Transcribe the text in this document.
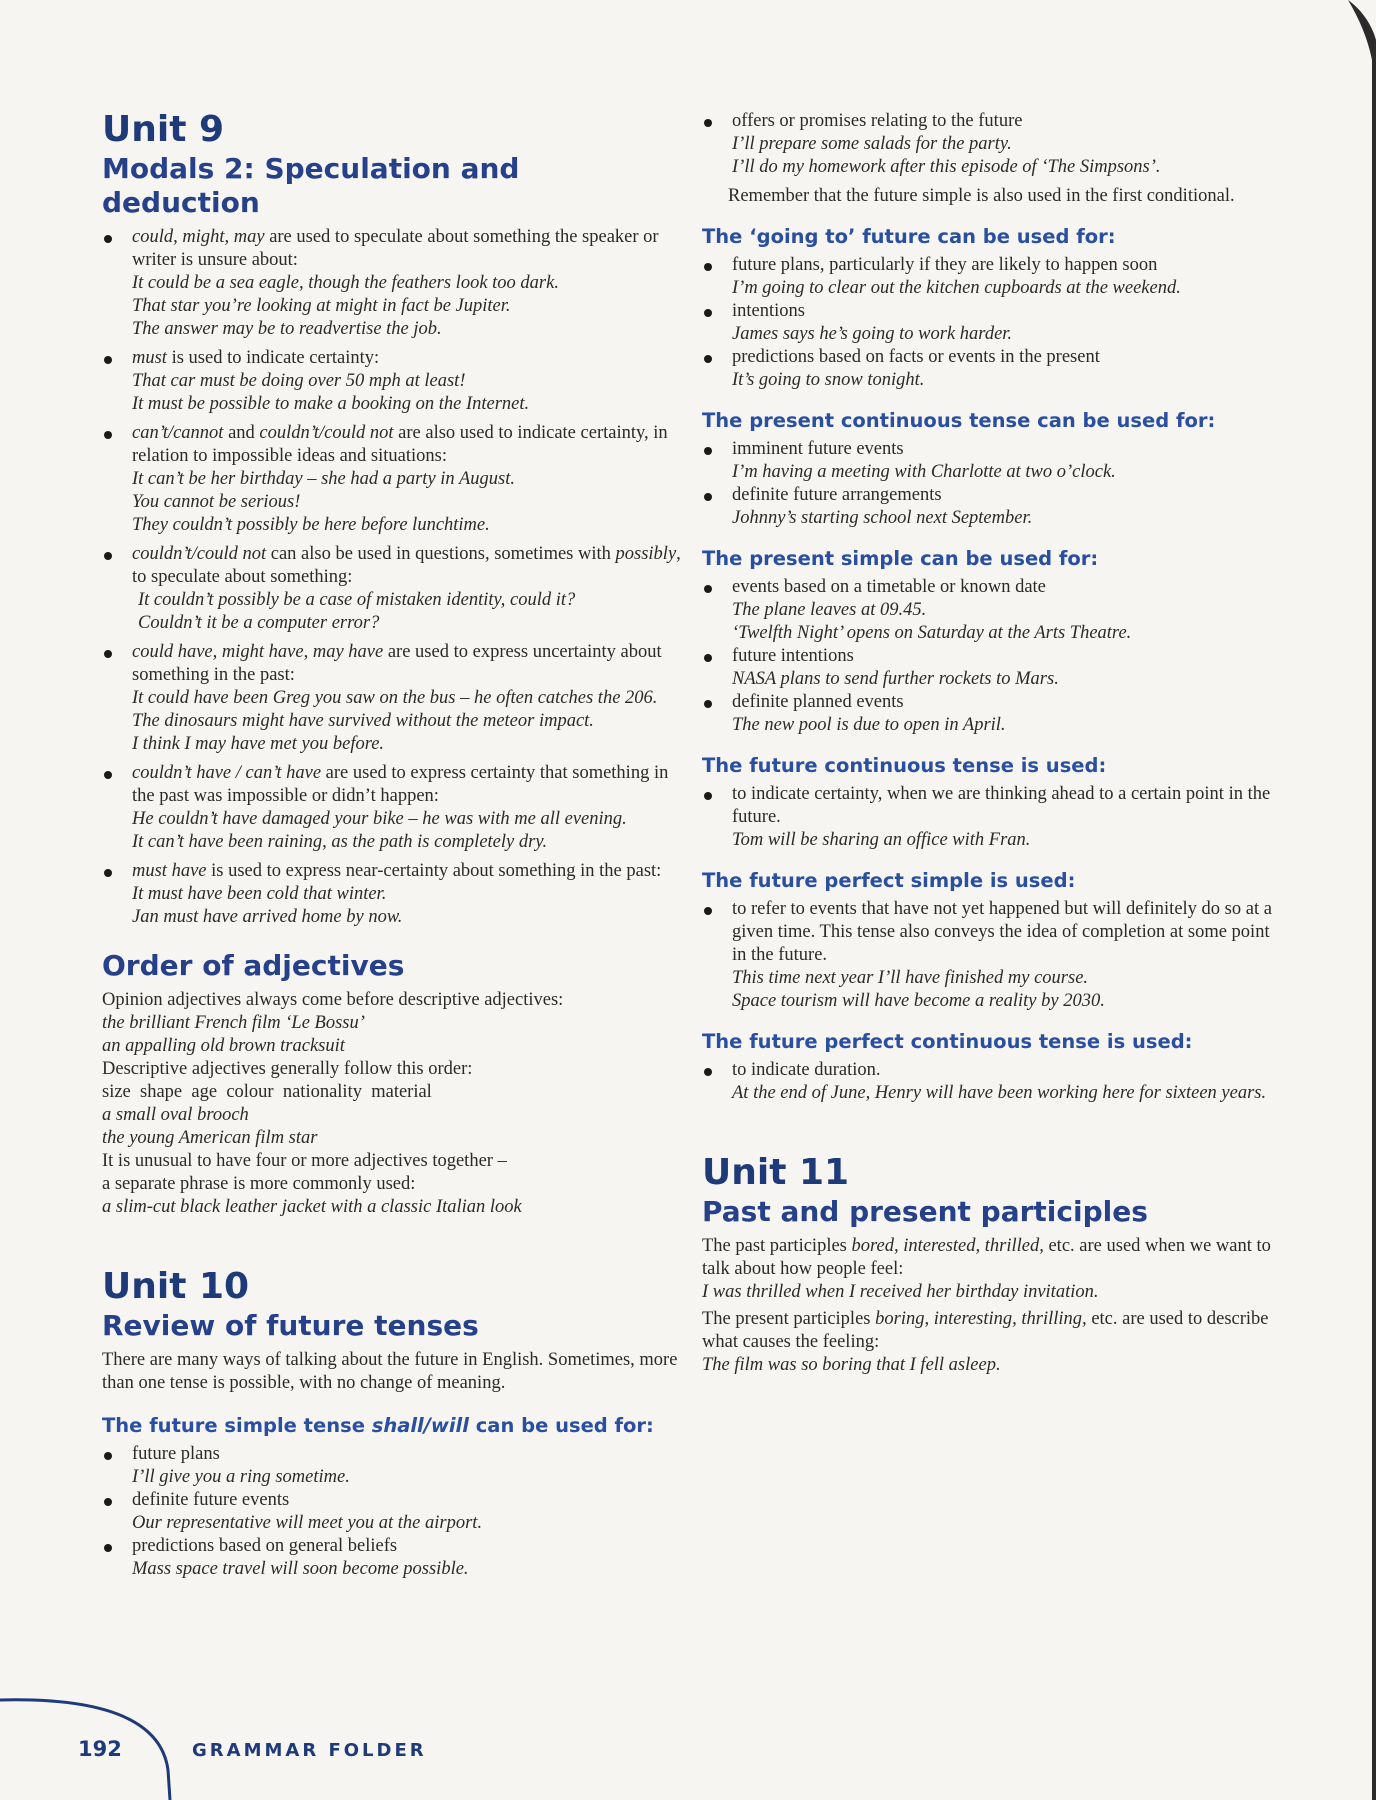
Unit 9
Modals 2: Speculation and deduction
could, might, may are used to speculate about something the speaker or writer is unsure about:
It could be a sea eagle, though the feathers look too dark.
That star you’re looking at might in fact be Jupiter.
The answer may be to readvertise the job.
must is used to indicate certainty:
That car must be doing over 50 mph at least!
It must be possible to make a booking on the Internet.
can’t/cannot and couldn’t/could not are also used to indicate certainty, in relation to impossible ideas and situations:
It can’t be her birthday – she had a party in August.
You cannot be serious!
They couldn’t possibly be here before lunchtime.
couldn’t/could not can also be used in questions, sometimes with possibly, to speculate about something:
It couldn’t possibly be a case of mistaken identity, could it?
Couldn’t it be a computer error?
could have, might have, may have are used to express uncertainty about something in the past:
It could have been Greg you saw on the bus – he often catches the 206.
The dinosaurs might have survived without the meteor impact.
I think I may have met you before.
couldn’t have / can’t have are used to express certainty that something in the past was impossible or didn’t happen:
He couldn’t have damaged your bike – he was with me all evening.
It can’t have been raining, as the path is completely dry.
must have is used to express near-certainty about something in the past:
It must have been cold that winter.
Jan must have arrived home by now.
Order of adjectives
Opinion adjectives always come before descriptive adjectives:
the brilliant French film ‘Le Bossu’
an appalling old brown tracksuit
Descriptive adjectives generally follow this order:
size shape age colour nationality material
a small oval brooch
the young American film star
It is unusual to have four or more adjectives together –
a separate phrase is more commonly used:
a slim-cut black leather jacket with a classic Italian look
Unit 10
Review of future tenses

There are many ways of talking about the future in English. Sometimes, more than one tense is possible, with no change of meaning.

The future simple tense shall/will can be used for:
future plans
I’ll give you a ring sometime.
definite future events
Our representative will meet you at the airport.
predictions based on general beliefs
Mass space travel will soon become possible.
offers or promises relating to the future
I’ll prepare some salads for the party.
I’ll do my homework after this episode of ‘The Simpsons’.

Remember that the future simple is also used in the first conditional.

The ‘going to’ future can be used for:
future plans, particularly if they are likely to happen soon
I’m going to clear out the kitchen cupboards at the weekend.
intentions
James says he’s going to work harder.
predictions based on facts or events in the present
It’s going to snow tonight.
The present continuous tense can be used for:
imminent future events
I’m having a meeting with Charlotte at two o’clock.
definite future arrangements
Johnny’s starting school next September.
The present simple can be used for:
events based on a timetable or known date
The plane leaves at 09.45.
‘Twelfth Night’ opens on Saturday at the Arts Theatre.
future intentions
NASA plans to send further rockets to Mars.
definite planned events
The new pool is due to open in April.
The future continuous tense is used:
to indicate certainty, when we are thinking ahead to a certain point in the future.
Tom will be sharing an office with Fran.
The future perfect simple is used:
to refer to events that have not yet happened but will definitely do so at a given time. This tense also conveys the idea of completion at some point in the future.
This time next year I’ll have finished my course.
Space tourism will have become a reality by 2030.
The future perfect continuous tense is used:
to indicate duration.
At the end of June, Henry will have been working here for sixteen years.
Unit 11
Past and present participles

The past participles bored, interested, thrilled, etc. are used when we want to talk about how people feel:
I was thrilled when I received her birthday invitation.

The present participles boring, interesting, thrilling, etc. are used to describe what causes the feeling:
The film was so boring that I fell asleep.

192	GRAMMAR FOLDER
